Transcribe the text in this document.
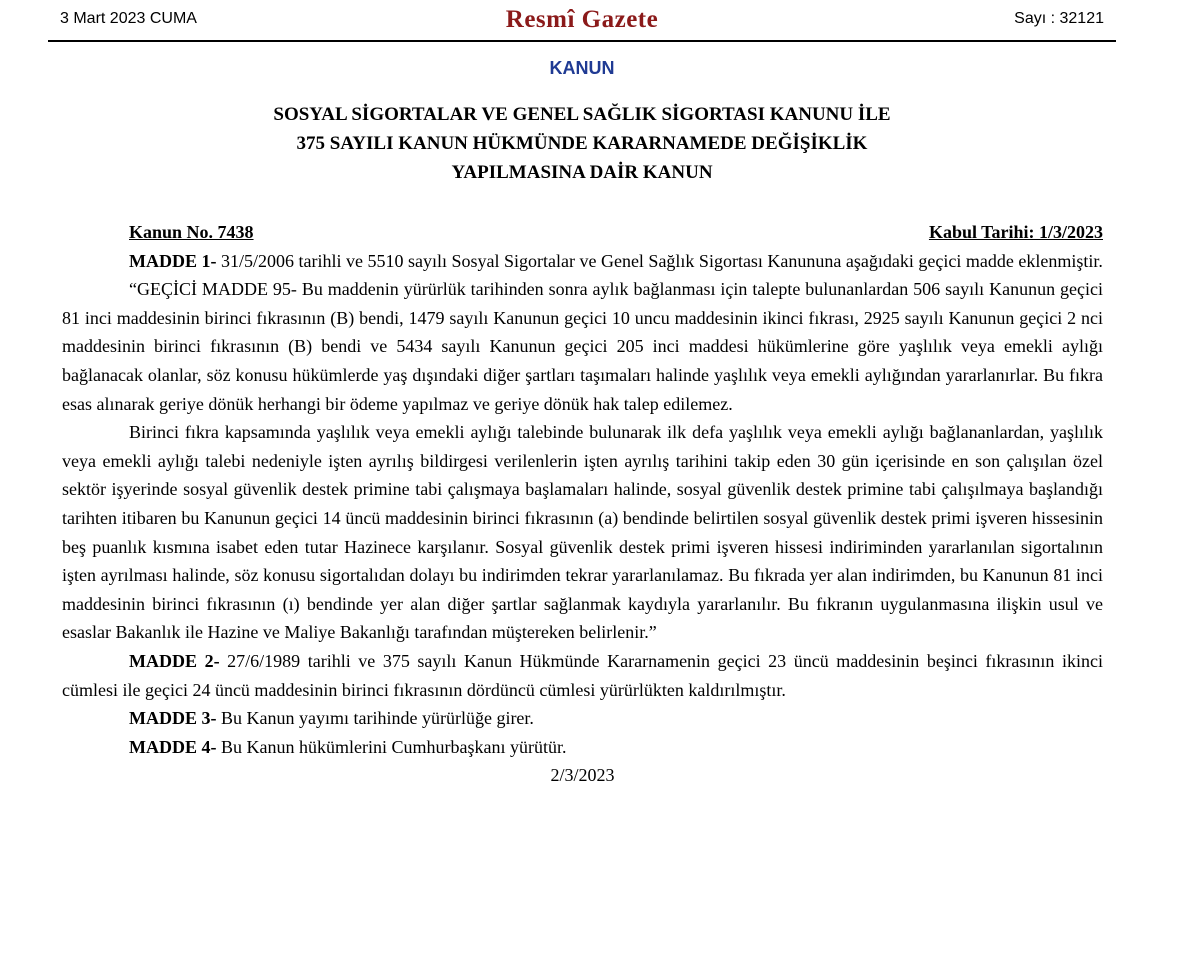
3 Mart 2023 CUMA	Resmî Gazete	Sayı : 32121
KANUN
SOSYAL SİGORTALAR VE GENEL SAĞLIK SİGORTASI KANUNU İLE
375 SAYILI KANUN HÜKMÜNDE KARARNAMEDE DEĞİŞİKLİK
YAPILMASINA DAİR KANUN
Kanun No. 7438	Kabul Tarihi: 1/3/2023

MADDE 1- 31/5/2006 tarihli ve 5510 sayılı Sosyal Sigortalar ve Genel Sağlık Sigortası Kanununa aşağıdaki geçici madde eklenmiştir.

“GEÇİCİ MADDE 95- Bu maddenin yürürlük tarihinden sonra aylık bağlanması için talepte bulunanlardan 506 sayılı Kanunun geçici 81 inci maddesinin birinci fıkrasının (B) bendi, 1479 sayılı Kanunun geçici 10 uncu maddesinin ikinci fıkrası, 2925 sayılı Kanunun geçici 2 nci maddesinin birinci fıkrasının (B) bendi ve 5434 sayılı Kanunun geçici 205 inci maddesi hükümlerine göre yaşlılık veya emekli aylığı bağlanacak olanlar, söz konusu hükümlerde yaş dışındaki diğer şartları taşımaları halinde yaşlılık veya emekli aylığından yararlanırlar. Bu fıkra esas alınarak geriye dönük herhangi bir ödeme yapılmaz ve geriye dönük hak talep edilemez.

Birinci fıkra kapsamında yaşlılık veya emekli aylığı talebinde bulunarak ilk defa yaşlılık veya emekli aylığı bağlananlardan, yaşlılık veya emekli aylığı talebi nedeniyle işten ayrılış bildirgesi verilenlerin işten ayrılış tarihini takip eden 30 gün içerisinde en son çalışılan özel sektör işyerinde sosyal güvenlik destek primine tabi çalışmaya başlamaları halinde, sosyal güvenlik destek primine tabi çalışılmaya başlandığı tarihten itibaren bu Kanunun geçici 14 üncü maddesinin birinci fıkrasının (a) bendinde belirtilen sosyal güvenlik destek primi işveren hissesinin beş puanlık kısmına isabet eden tutar Hazinece karşılanır. Sosyal güvenlik destek primi işveren hissesi indiriminden yararlanılan sigortalının işten ayrılması halinde, söz konusu sigortalıdan dolayı bu indirimden tekrar yararlanılamaz. Bu fıkrada yer alan indirimden, bu Kanunun 81 inci maddesinin birinci fıkrasının (ı) bendinde yer alan diğer şartlar sağlanmak kaydıyla yararlanılır. Bu fıkranın uygulanmasına ilişkin usul ve esaslar Bakanlık ile Hazine ve Maliye Bakanlığı tarafından müştereken belirlenir.”

MADDE 2- 27/6/1989 tarihli ve 375 sayılı Kanun Hükmünde Kararnamenin geçici 23 üncü maddesinin beşinci fıkrasının ikinci cümlesi ile geçici 24 üncü maddesinin birinci fıkrasının dördüncü cümlesi yürürlükten kaldırılmıştır.

MADDE 3- Bu Kanun yayımı tarihinde yürürlüğe girer.

MADDE 4- Bu Kanun hükümlerini Cumhurbaşkanı yürütür.

2/3/2023
